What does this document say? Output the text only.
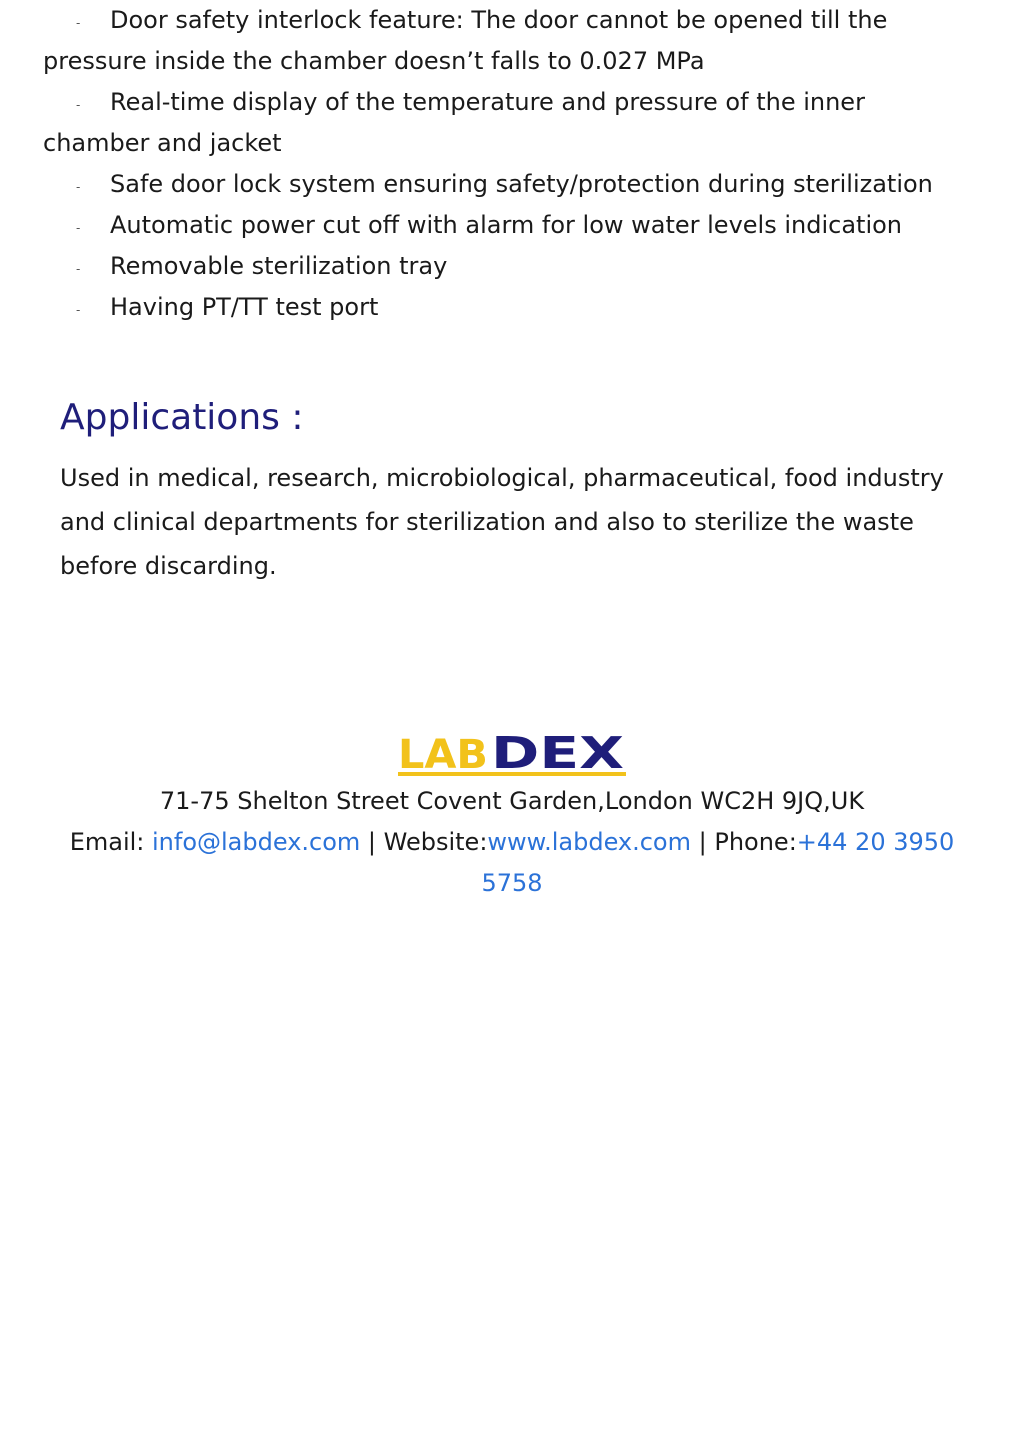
- Door safety interlock feature: The door cannot be opened till the pressure inside the chamber doesn’t falls to 0.027 MPa

- Real-time display of the temperature and pressure of the inner chamber and jacket

- Safe door lock system ensuring safety/protection during sterilization

- Automatic power cut off with alarm for low water levels indication

- Removable sterilization tray

- Having PT/TT test port

Applications :

Used in medical, research, microbiological, pharmaceutical, food industry and clinical departments for sterilization and also to sterilize the waste before discarding.

LAB DEX

71-75 Shelton Street Covent Garden,London WC2H 9JQ,UK

Email: info@labdex.com | Website:www.labdex.com | Phone:+44 20 3950 5758
